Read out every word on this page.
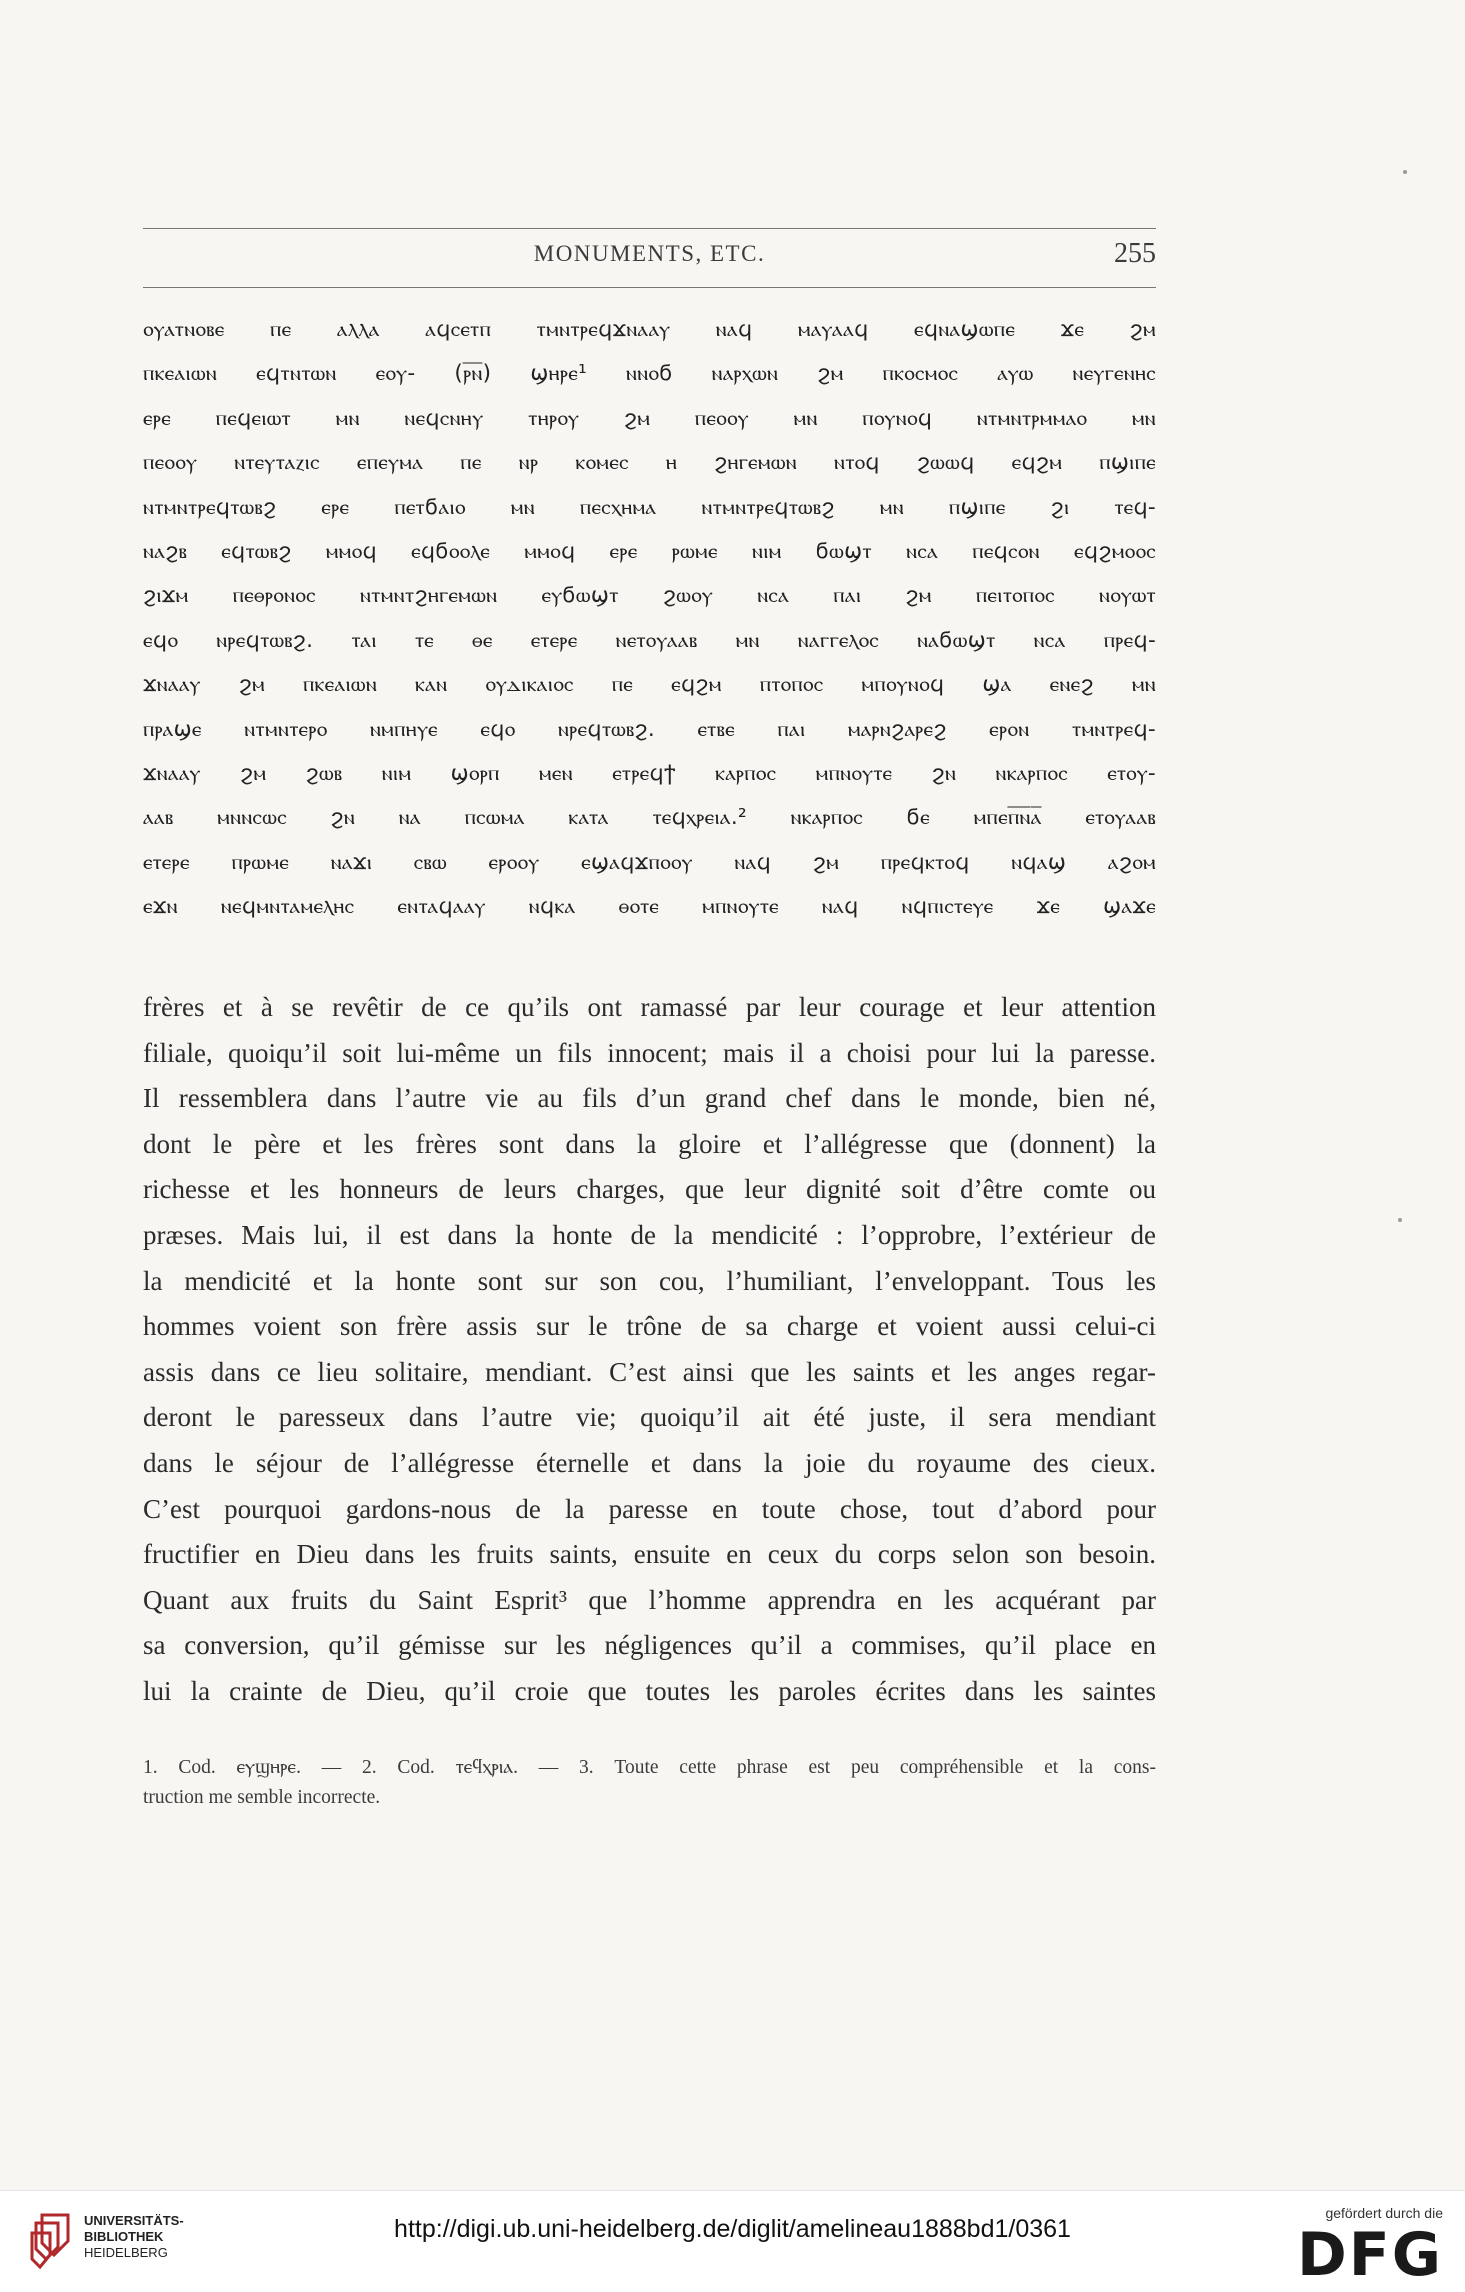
MONUMENTS, ETC.	255
ⲟⲩⲁⲧⲛⲟⲃⲉ ⲡⲉ ⲁⲗⲗⲁ ⲁϥⲥⲉⲧⲡ ⲧⲙⲛⲧⲣⲉϥϫⲛⲁⲁⲩ ⲛⲁϥ ⲙⲁⲩⲁⲁϥ ⲉϥⲛⲁϣⲱⲡⲉ ϫⲉ ϩⲙ
ⲡⲕⲉⲁⲓⲱⲛ ⲉϥⲧⲛⲧⲱⲛ ⲉⲟⲩ- (ⲣ̅ⲛ̅) ϣⲏⲣⲉ¹ ⲛⲛⲟϭ ⲛⲁⲣⲭⲱⲛ ϩⲙ ⲡⲕⲟⲥⲙⲟⲥ ⲁⲩⲱ ⲛⲉⲩⲅⲉⲛⲏⲥ
ⲉⲣⲉ ⲡⲉϥⲉⲓⲱⲧ ⲙⲛ ⲛⲉϥⲥⲛⲏⲩ ⲧⲏⲣⲟⲩ ϩⲙ ⲡⲉⲟⲟⲩ ⲙⲛ ⲡⲟⲩⲛⲟϥ ⲛⲧⲙⲛⲧⲣⲙⲙⲁⲟ ⲙⲛ
ⲡⲉⲟⲟⲩ ⲛⲧⲉⲩⲧⲁⲍⲓⲥ ⲉⲡⲉⲩⲙⲁ ⲡⲉ ⲛⲣ ⲕⲟⲙⲉⲥ ⲏ ϩⲏⲅⲉⲙⲱⲛ ⲛⲧⲟϥ ϩⲱⲱϥ ⲉϥϩⲙ ⲡϣⲓⲡⲉ
ⲛⲧⲙⲛⲧⲣⲉϥⲧⲱⲃϩ ⲉⲣⲉ ⲡⲉⲧϭⲁⲓⲟ ⲙⲛ ⲡⲉⲥⲭⲏⲙⲁ ⲛⲧⲙⲛⲧⲣⲉϥⲧⲱⲃϩ ⲙⲛ ⲡϣⲓⲡⲉ ϩⲓ ⲧⲉϥ-
ⲛⲁϩⲃ ⲉϥⲧⲱⲃϩ ⲙⲙⲟϥ ⲉϥϭⲟⲟⲗⲉ ⲙⲙⲟϥ ⲉⲣⲉ ⲣⲱⲙⲉ ⲛⲓⲙ ϭⲱϣⲧ ⲛⲥⲁ ⲡⲉϥⲥⲟⲛ ⲉϥϩⲙⲟⲟⲥ
ϩⲓϫⲙ ⲡⲉⲑⲣⲟⲛⲟⲥ ⲛⲧⲙⲛⲧϩⲏⲅⲉⲙⲱⲛ ⲉⲩϭⲱϣⲧ ϩⲱⲟⲩ ⲛⲥⲁ ⲡⲁⲓ ϩⲙ ⲡⲉⲓⲧⲟⲡⲟⲥ ⲛⲟⲩⲱⲧ
ⲉϥⲟ ⲛⲣⲉϥⲧⲱⲃϩ. ⲧⲁⲓ ⲧⲉ ⲑⲉ ⲉⲧⲉⲣⲉ ⲛⲉⲧⲟⲩⲁⲁⲃ ⲙⲛ ⲛⲁⲅⲅⲉⲗⲟⲥ ⲛⲁϭⲱϣⲧ ⲛⲥⲁ ⲡⲣⲉϥ-
ϫⲛⲁⲁⲩ ϩⲙ ⲡⲕⲉⲁⲓⲱⲛ ⲕⲁⲛ ⲟⲩⲇⲓⲕⲁⲓⲟⲥ ⲡⲉ ⲉϥϩⲙ ⲡⲧⲟⲡⲟⲥ ⲙⲡⲟⲩⲛⲟϥ ϣⲁ ⲉⲛⲉϩ ⲙⲛ
ⲡⲣⲁϣⲉ ⲛⲧⲙⲛⲧⲉⲣⲟ ⲛⲙⲡⲏⲩⲉ ⲉϥⲟ ⲛⲣⲉϥⲧⲱⲃϩ. ⲉⲧⲃⲉ ⲡⲁⲓ ⲙⲁⲣⲛϩⲁⲣⲉϩ ⲉⲣⲟⲛ ⲧⲙⲛⲧⲣⲉϥ-
ϫⲛⲁⲁⲩ ϩⲙ ϩⲱⲃ ⲛⲓⲙ ϣⲟⲣⲡ ⲙⲉⲛ ⲉⲧⲣⲉϥϯ ⲕⲁⲣⲡⲟⲥ ⲙⲡⲛⲟⲩⲧⲉ ϩⲛ ⲛⲕⲁⲣⲡⲟⲥ ⲉⲧⲟⲩ-
ⲁⲁⲃ ⲙⲛⲛⲥⲱⲥ ϩⲛ ⲛⲁ ⲡⲥⲱⲙⲁ ⲕⲁⲧⲁ ⲧⲉϥⲭⲣⲉⲓⲁ.² ⲛⲕⲁⲣⲡⲟⲥ ϭⲉ ⲙⲡⲉⲡ̅ⲛ̅ⲁ̅ ⲉⲧⲟⲩⲁⲁⲃ
ⲉⲧⲉⲣⲉ ⲡⲣⲱⲙⲉ ⲛⲁϫⲓ ⲥⲃⲱ ⲉⲣⲟⲟⲩ ⲉϣⲁϥϫⲡⲟⲟⲩ ⲛⲁϥ ϩⲙ ⲡⲣⲉϥⲕⲧⲟϥ ⲛϥⲁϣ ⲁϩⲟⲙ
ⲉϫⲛ ⲛⲉϥⲙⲛⲧⲁⲙⲉⲗⲏⲥ ⲉⲛⲧⲁϥⲁⲁⲩ ⲛϥⲕⲁ ⲑⲟⲧⲉ ⲙⲡⲛⲟⲩⲧⲉ ⲛⲁϥ ⲛϥⲡⲓⲥⲧⲉⲩⲉ ϫⲉ ϣⲁϫⲉ
frères et à se revêtir de ce qu’ils ont ramassé par leur courage et leur attention
filiale, quoiqu’il soit lui-même un fils innocent; mais il a choisi pour lui la paresse.
Il ressemblera dans l’autre vie au fils d’un grand chef dans le monde, bien né,
dont le père et les frères sont dans la gloire et l’allégresse que (donnent) la
richesse et les honneurs de leurs charges, que leur dignité soit d’être comte ou
præses. Mais lui, il est dans la honte de la mendicité : l’opprobre, l’extérieur de
la mendicité et la honte sont sur son cou, l’humiliant, l’enveloppant. Tous les
hommes voient son frère assis sur le trône de sa charge et voient aussi celui-ci
assis dans ce lieu solitaire, mendiant. C’est ainsi que les saints et les anges regar-
deront le paresseux dans l’autre vie; quoiqu’il ait été juste, il sera mendiant
dans le séjour de l’allégresse éternelle et dans la joie du royaume des cieux.
C’est pourquoi gardons-nous de la paresse en toute chose, tout d’abord pour
fructifier en Dieu dans les fruits saints, ensuite en ceux du corps selon son besoin.
Quant aux fruits du Saint Esprit³ que l’homme apprendra en les acquérant par
sa conversion, qu’il gémisse sur les négligences qu’il a commises, qu’il place en
lui la crainte de Dieu, qu’il croie que toutes les paroles écrites dans les saintes
1. Cod. ⲉⲩϣⲏⲣⲉ. — 2. Cod. ⲧⲉϥⲭⲣⲓⲁ. — 3. Toute cette phrase est peu compréhensible et la cons-
truction me semble incorrecte.
UNIVERSITÄTS-
BIBLIOTHEK
HEIDELBERG
http://digi.ub.uni-heidelberg.de/diglit/amelineau1888bd1/0361
gefördert durch die
DFG
